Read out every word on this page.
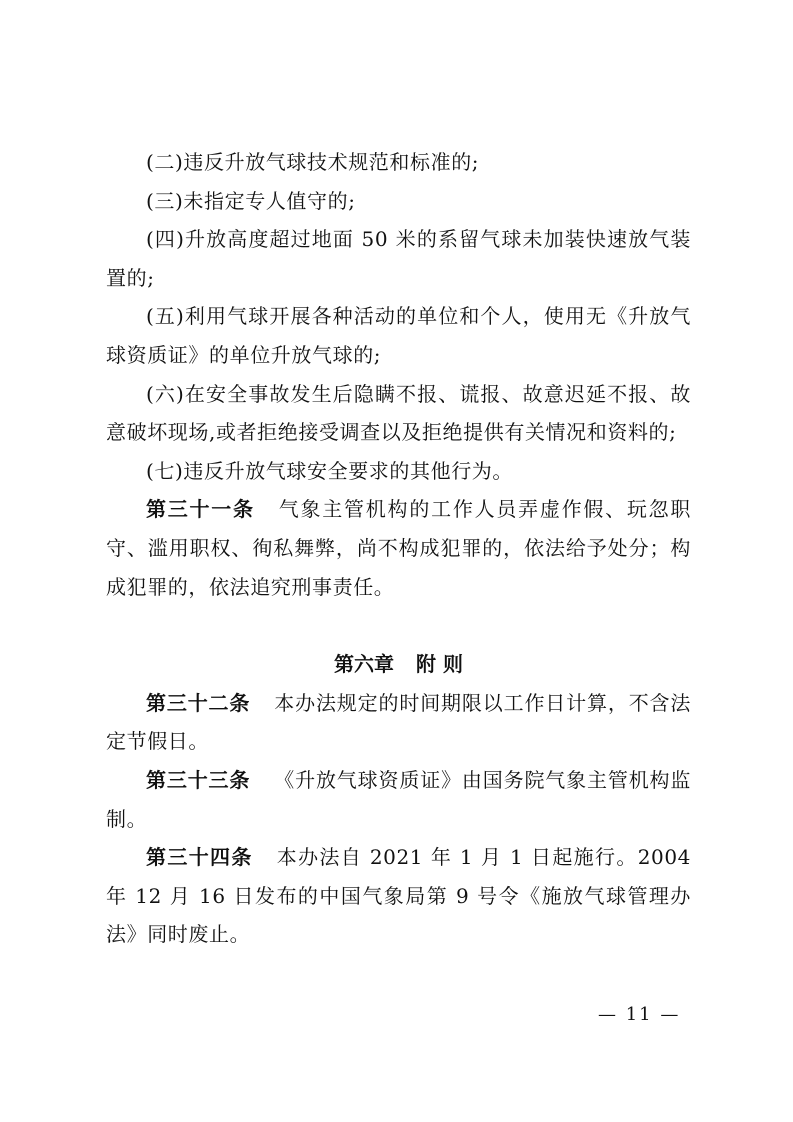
(二)违反升放气球技术规范和标准的;

(三)未指定专人值守的;

(四)升放高度超过地面 50 米的系留气球未加装快速放气装置的;

(五)利用气球开展各种活动的单位和个人，使用无《升放气球资质证》的单位升放气球的;

(六)在安全事故发生后隐瞒不报、谎报、故意迟延不报、故意破坏现场,或者拒绝接受调查以及拒绝提供有关情况和资料的;

(七)违反升放气球安全要求的其他行为。

第三十一条 气象主管机构的工作人员弄虚作假、玩忽职守、滥用职权、徇私舞弊，尚不构成犯罪的，依法给予处分；构成犯罪的，依法追究刑事责任。

第六章 附 则

第三十二条 本办法规定的时间期限以工作日计算，不含法定节假日。

第三十三条 《升放气球资质证》由国务院气象主管机构监制。

第三十四条 本办法自 2021 年 1 月 1 日起施行。2004 年 12 月 16 日发布的中国气象局第 9 号令《施放气球管理办法》同时废止。

— 11 —
